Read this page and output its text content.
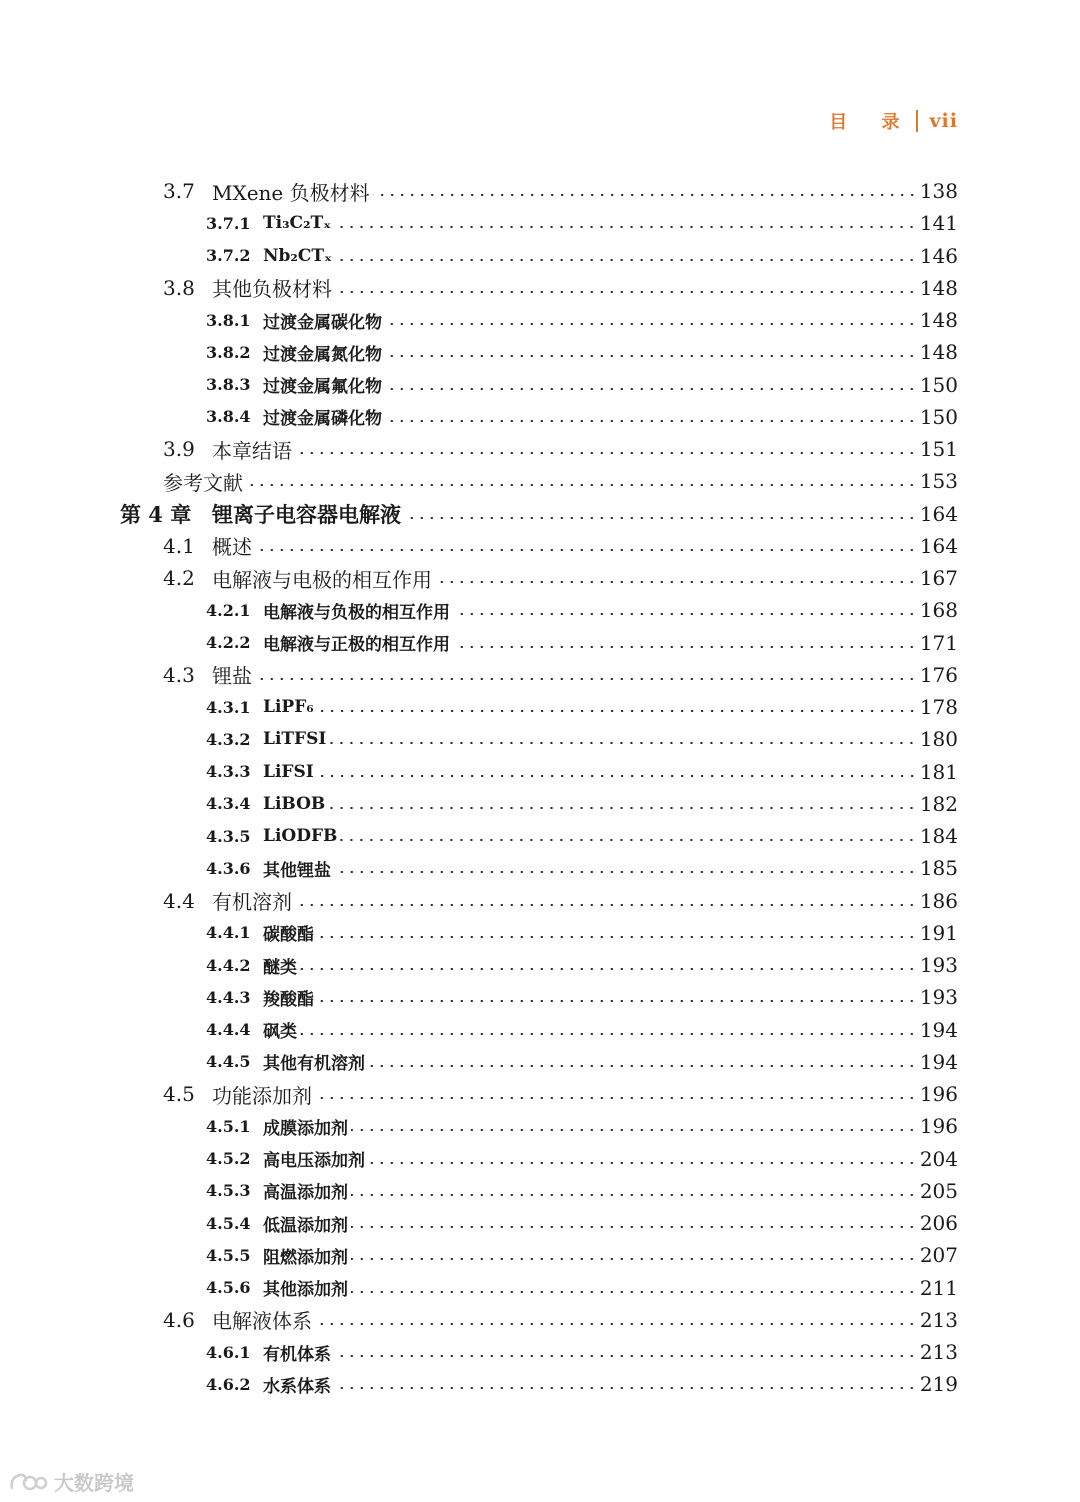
目 录 vii
3.7 MXene 负极材料	138
3.7.1 Ti₃C₂Tₓ	141
3.7.2 Nb₂CTₓ	146
3.8 其他负极材料	148
3.8.1 过渡金属碳化物	148
3.8.2 过渡金属氮化物	148
3.8.3 过渡金属氟化物	150
3.8.4 过渡金属磷化物	150
3.9 本章结语	151
参考文献	153
第 4 章 锂离子电容器电解液	164
4.1 概述	164
4.2 电解液与电极的相互作用	167
4.2.1 电解液与负极的相互作用	168
4.2.2 电解液与正极的相互作用	171
4.3 锂盐	176
4.3.1 LiPF₆	178
4.3.2 LiTFSI	180
4.3.3 LiFSI	181
4.3.4 LiBOB	182
4.3.5 LiODFB	184
4.3.6 其他锂盐	185
4.4 有机溶剂	186
4.4.1 碳酸酯	191
4.4.2 醚类	193
4.4.3 羧酸酯	193
4.4.4 砜类	194
4.4.5 其他有机溶剂	194
4.5 功能添加剂	196
4.5.1 成膜添加剂	196
4.5.2 高电压添加剂	204
4.5.3 高温添加剂	205
4.5.4 低温添加剂	206
4.5.5 阻燃添加剂	207
4.5.6 其他添加剂	211
4.6 电解液体系	213
4.6.1 有机体系	213
4.6.2 水系体系	219
大数跨境
